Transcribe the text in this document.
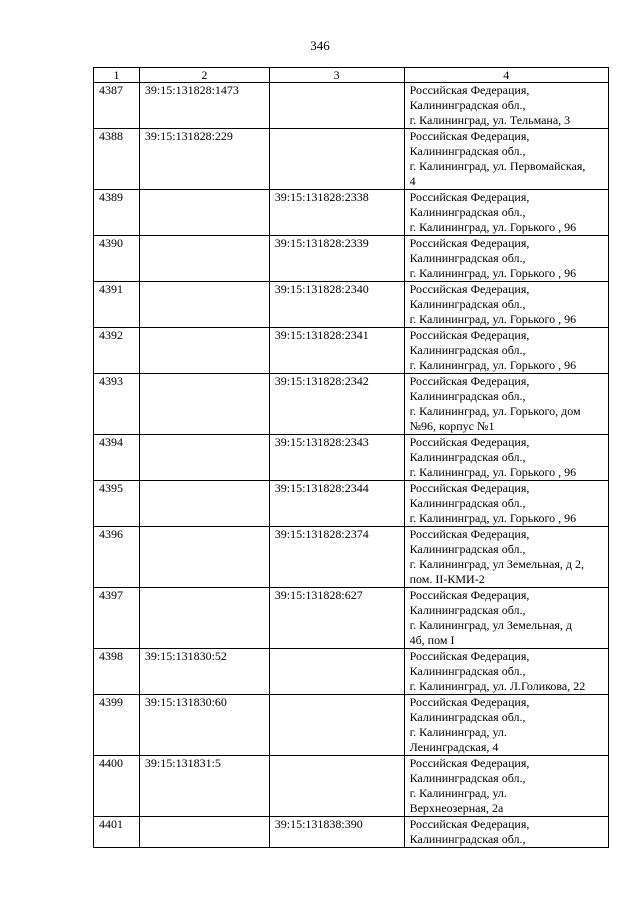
346
1	2	3	4
4387	39:15:131828:1473		Российская Федерация,
Калининградская обл.,
г. Калининград, ул. Тельмана, 3
4388	39:15:131828:229		Российская Федерация,
Калининградская обл.,
г. Калининград, ул. Первомайская,
4
4389		39:15:131828:2338	Российская Федерация,
Калининградская обл.,
г. Калининград, ул. Горького , 96
4390		39:15:131828:2339	Российская Федерация,
Калининградская обл.,
г. Калининград, ул. Горького , 96
4391		39:15:131828:2340	Российская Федерация,
Калининградская обл.,
г. Калининград, ул. Горького , 96
4392		39:15:131828:2341	Российская Федерация,
Калининградская обл.,
г. Калининград, ул. Горького , 96
4393		39:15:131828:2342	Российская Федерация,
Калининградская обл.,
г. Калининград, ул. Горького, дом
№96, корпус №1
4394		39:15:131828:2343	Российская Федерация,
Калининградская обл.,
г. Калининград, ул. Горького , 96
4395		39:15:131828:2344	Российская Федерация,
Калининградская обл.,
г. Калининград, ул. Горького , 96
4396		39:15:131828:2374	Российская Федерация,
Калининградская обл.,
г. Калининград, ул Земельная, д 2,
пом. II-КМИ-2
4397		39:15:131828:627	Российская Федерация,
Калининградская обл.,
г. Калининград, ул Земельная, д
4б, пом I
4398	39:15:131830:52		Российская Федерация,
Калининградская обл.,
г. Калининград, ул. Л.Голикова, 22
4399	39:15:131830:60		Российская Федерация,
Калининградская обл.,
г. Калининград, ул.
Ленинградская, 4
4400	39:15:131831:5		Российская Федерация,
Калининградская обл.,
г. Калининград, ул.
Верхнеозерная, 2а
4401		39:15:131838:390	Российская Федерация,
Калининградская обл.,
